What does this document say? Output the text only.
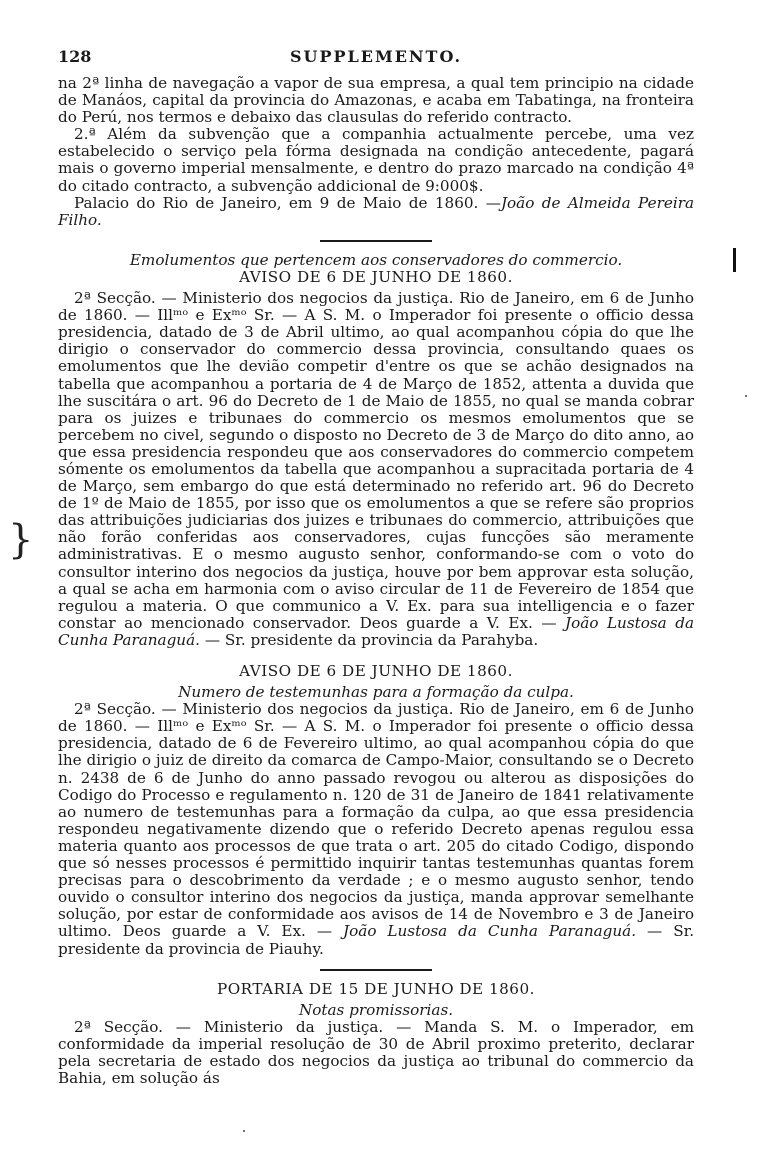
128	SUPPLEMENTO.

na 2ª linha de navegação a vapor de sua empresa, a qual tem principio na cidade de Manáos, capital da provincia do Amazonas, e acaba em Tabatinga, na fronteira do Perú, nos termos e debaixo das clausulas do referido contracto.

2.ª Além da subvenção que a companhia actualmente percebe, uma vez estabelecido o serviço pela fórma designada na condição antecedente, pagará mais o governo imperial mensalmente, e dentro do prazo marcado na condição 4ª do citado contracto, a subvenção addicional de 9:000$.

Palacio do Rio de Janeiro, em 9 de Maio de 1860. —João de Almeida Pereira Filho.

Emolumentos que pertencem aos conservadores do commercio.

AVISO DE 6 DE JUNHO DE 1860.

2ª Secção. — Ministerio dos negocios da justiça. Rio de Janeiro, em 6 de Junho de 1860. — Illᵐᵒ e Exᵐᵒ Sr. — A S. M. o Imperador foi presente o officio dessa presidencia, datado de 3 de Abril ultimo, ao qual acompanhou cópia do que lhe dirigio o conservador do commercio dessa provincia, consultando quaes os emolumentos que lhe devião competir d'entre os que se achão designados na tabella que acompanhou a portaria de 4 de Março de 1852, attenta a duvida que lhe suscitára o art. 96 do Decreto de 1 de Maio de 1855, no qual se manda cobrar para os juizes e tribunaes do commercio os mesmos emolumentos que se percebem no civel, segundo o disposto no Decreto de 3 de Março do dito anno, ao que essa presidencia respondeu que aos conservadores do commercio competem sómente os emolumentos da tabella que acompanhou a supracitada portaria de 4 de Março, sem embargo do que está determinado no referido art. 96 do Decreto de 1º de Maio de 1855, por isso que os emolumentos a que se refere são proprios das attribuições judiciarias dos juizes e tribunaes do commercio, attribuições que não forão conferidas aos conservadores, cujas funcções são meramente administrativas. E o mesmo augusto senhor, conformando-se com o voto do consultor interino dos negocios da justiça, houve por bem approvar esta solução, a qual se acha em harmonia com o aviso circular de 11 de Fevereiro de 1854 que regulou a materia. O que communico a V. Ex. para sua intelligencia e o fazer constar ao mencionado conservador. Deos guarde a V. Ex. — João Lustosa da Cunha Paranaguá. — Sr. presidente da provincia da Parahyba.

AVISO DE 6 DE JUNHO DE 1860.

Numero de testemunhas para a formação da culpa.

2ª Secção. — Ministerio dos negocios da justiça. Rio de Janeiro, em 6 de Junho de 1860. — Illᵐᵒ e Exᵐᵒ Sr. — A S. M. o Imperador foi presente o officio dessa presidencia, datado de 6 de Fevereiro ultimo, ao qual acompanhou cópia do que lhe dirigio o juiz de direito da comarca de Campo-Maior, consultando se o Decreto n. 2438 de 6 de Junho do anno passado revogou ou alterou as disposições do Codigo do Processo e regulamento n. 120 de 31 de Janeiro de 1841 relativamente ao numero de testemunhas para a formação da culpa, ao que essa presidencia respondeu negativamente dizendo que o referido Decreto apenas regulou essa materia quanto aos processos de que trata o art. 205 do citado Codigo, dispondo que só nesses processos é permittido inquirir tantas testemunhas quantas forem precisas para o descobrimento da verdade ; e o mesmo augusto senhor, tendo ouvido o consultor interino dos negocios da justiça, manda approvar semelhante solução, por estar de conformidade aos avisos de 14 de Novembro e 3 de Janeiro ultimo. Deos guarde a V. Ex. — João Lustosa da Cunha Paranaguá. — Sr. presidente da provincia de Piauhy.

PORTARIA DE 15 DE JUNHO DE 1860.

Notas promissorias.

2ª Secção. — Ministerio da justiça. — Manda S. M. o Imperador, em conformidade da imperial resolução de 30 de Abril proximo preterito, declarar pela secretaria de estado dos negocios da justiça ao tribunal do commercio da Bahia, em solução ás

}
